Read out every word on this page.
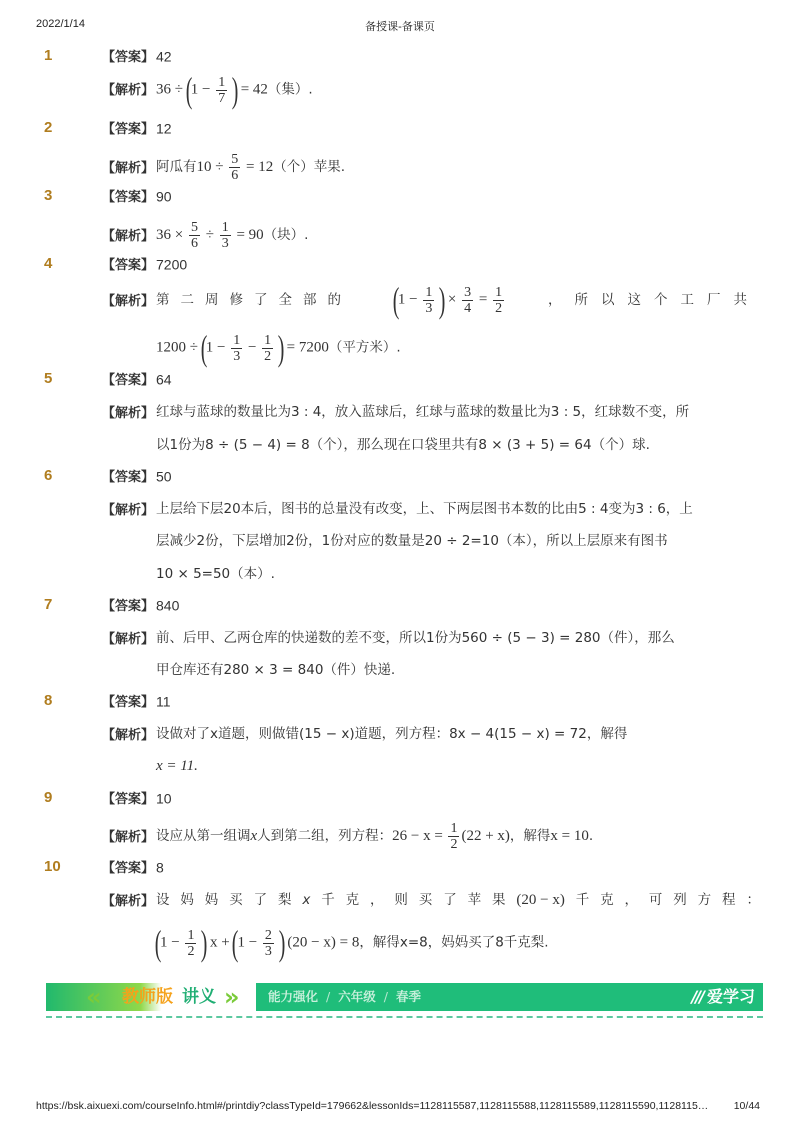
2022/1/14	备授课-备课页
1	【答案】 42
【解析】 $36 \div (1 - \frac{1}{7}$ ) = 42（集）.
2	【答案】 12
【解析】 阿瓜有$10 \div \frac{5}{6} = 12$（个）苹果.
3	【答案】 90
【解析】 $36 \times \frac{5}{6} \div \frac{1}{3} = 90$（块）.
4	【答案】 7200
【解析】 第二周修了全部的 ($1 - \frac{1}{3}$ ) × $\frac{3}{4} = \frac{1}{2}$	，所以这个工厂共
$1200 \div (1 - \frac{1}{3} - \frac{1}{2}$ ) = 7200（平方米）.
5	【答案】 64
【解析】 红球与蓝球的数量比为3 : 4，放入蓝球后，红球与蓝球的数量比为3 : 5，红球数不变，所
以1份为8 ÷ (5 − 4) = 8（个），那么现在口袋里共有8 × (3 + 5) = 64（个）球.
6	【答案】 50
【解析】 上层给下层20本后，图书的总量没有改变，上、下两层图书本数的比由5 : 4变为3 : 6，上
层减少2份，下层增加2份，1份对应的数量是20 ÷ 2=10（本），所以上层原来有图书
10 × 5=50（本）.
7	【答案】 840
【解析】 前、后甲、乙两仓库的快递数的差不变，所以1份为560 ÷ (5 − 3) = 280（件），那么
甲仓库还有280 × 3 = 840（件）快递.
8	【答案】 11
【解析】 设做对了x道题，则做错(15 − x)道题，列方程：8x − 4(15 − x) = 72，解得
x = 11.
9	【答案】 10
【解析】 设应从第一组调x人到第二组，列方程：$26 - x = \frac{1}{2} (22 + x)$，解得x = 10.
10	【答案】 8
【解析】 设 妈 妈 买 了 梨 x 千 克 ， 则 买 了 苹 果 (20 − x) 千 克 ， 可 列 方 程 ：
($1 - \frac{1}{2}$ ) $x + (1 - \frac{2}{3}$ ) (20 − x) = 8，解得x=8，妈妈买了8千克梨.
« 教师版 讲义 »	能力强化 / 六年级 / 春季	/// 爱学习
https://bsk.aixuexi.com/courseInfo.html#/printdiy?classTypeId=179662&lessonIds=1128115587,1128115588,1128115589,1128115590,1128115… 10/44
